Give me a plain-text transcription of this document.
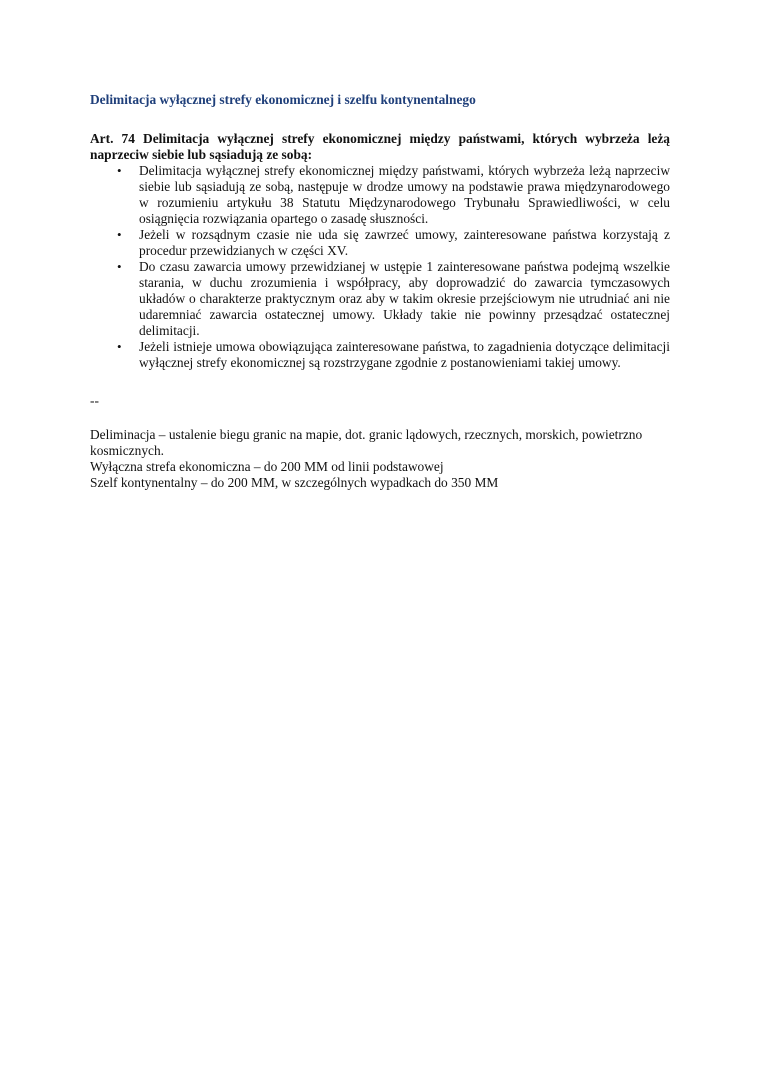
Delimitacja wyłącznej strefy ekonomicznej i szelfu kontynentalnego

Art. 74 Delimitacja wyłącznej strefy ekonomicznej między państwami, których wybrzeża leżą naprzeciw siebie lub sąsiadują ze sobą:

• Delimitacja wyłącznej strefy ekonomicznej między państwami, których wybrzeża leżą naprzeciw siebie lub sąsiadują ze sobą, następuje w drodze umowy na podstawie prawa międzynarodowego w rozumieniu artykułu 38 Statutu Międzynarodowego Trybunału Sprawiedliwości, w celu osiągnięcia rozwiązania opartego o zasadę słuszności.
• Jeżeli w rozsądnym czasie nie uda się zawrzeć umowy, zainteresowane państwa korzystają z procedur przewidzianych w części XV.
• Do czasu zawarcia umowy przewidzianej w ustępie 1 zainteresowane państwa podejmą wszelkie starania, w duchu zrozumienia i współpracy, aby doprowadzić do zawarcia tymczasowych układów o charakterze praktycznym oraz aby w takim okresie przejściowym nie utrudniać ani nie udaremniać zawarcia ostatecznej umowy. Układy takie nie powinny przesądzać ostatecznej delimitacji.
• Jeżeli istnieje umowa obowiązująca zainteresowane państwa, to zagadnienia dotyczące delimitacji wyłącznej strefy ekonomicznej są rozstrzygane zgodnie z postanowieniami takiej umowy.

--

Deliminacja – ustalenie biegu granic na mapie, dot. granic lądowych, rzecznych, morskich, powietrzno kosmicznych.

Wyłączna strefa ekonomiczna – do 200 MM od linii podstawowej

Szelf kontynentalny – do 200 MM, w szczególnych wypadkach do 350 MM
